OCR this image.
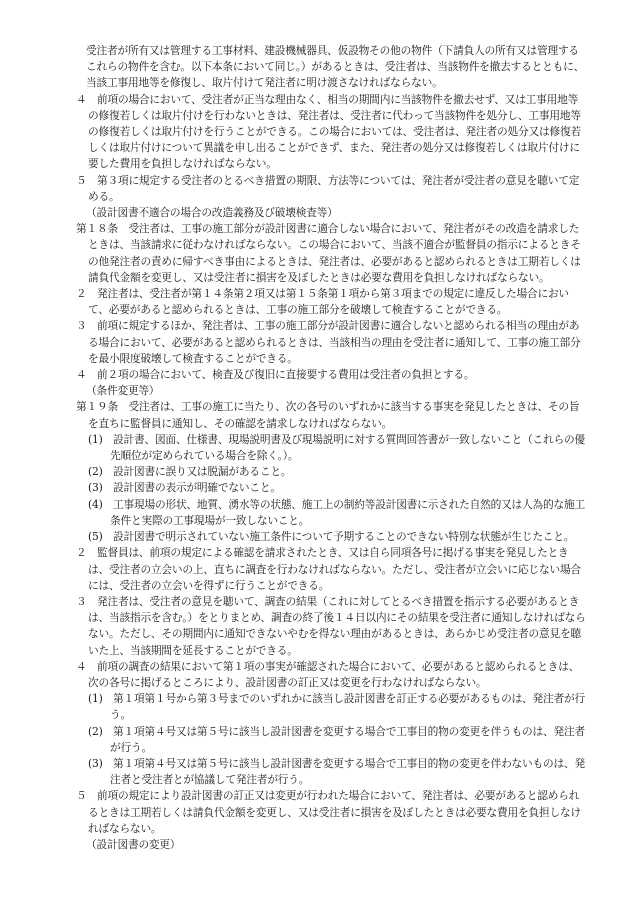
受注者が所有又は管理する工事材料、建設機械器具、仮設物その他の物件（下請負人の所有又は管理するこれらの物件を含む。以下本条において同じ。）があるときは、受注者は、当該物件を撤去するとともに、当該工事用地等を修復し、取片付けて発注者に明け渡さなければならない。

４　前項の場合において、受注者が正当な理由なく、相当の期間内に当該物件を撤去せず、又は工事用地等の修復若しくは取片付けを行わないときは、発注者は、受注者に代わって当該物件を処分し、工事用地等の修復若しくは取片付けを行うことができる。この場合においては、受注者は、発注者の処分又は修復若しくは取片付けについて異議を申し出ることができず、また、発注者の処分又は修復若しくは取片付けに要した費用を負担しなければならない。

５　第３項に規定する受注者のとるべき措置の期限、方法等については、発注者が受注者の意見を聴いて定める。

（設計図書不適合の場合の改造義務及び破壊検査等）

第１８条　受注者は、工事の施工部分が設計図書に適合しない場合において、発注者がその改造を請求したときは、当該請求に従わなければならない。この場合において、当該不適合が監督員の指示によるときその他発注者の責めに帰すべき事由によるときは、発注者は、必要があると認められるときは工期若しくは請負代金額を変更し、又は受注者に損害を及ぼしたときは必要な費用を負担しなければならない。

２　発注者は、受注者が第１４条第２項又は第１５条第１項から第３項までの規定に違反した場合において、必要があると認められるときは、工事の施工部分を破壊して検査することができる。

３　前項に規定するほか、発注者は、工事の施工部分が設計図書に適合しないと認められる相当の理由がある場合において、必要があると認められるときは、当該相当の理由を受注者に通知して、工事の施工部分を最小限度破壊して検査することができる。

４　前２項の場合において、検査及び復旧に直接要する費用は受注者の負担とする。

（条件変更等）

第１９条　受注者は、工事の施工に当たり、次の各号のいずれかに該当する事実を発見したときは、その旨を直ちに監督員に通知し、その確認を請求しなければならない。

(1)　設計書、図面、仕様書、現場説明書及び現場説明に対する質問回答書が一致しないこと（これらの優先順位が定められている場合を除く。）。

(2)　設計図書に誤り又は脱漏があること。

(3)　設計図書の表示が明確でないこと。

(4)　工事現場の形状、地質、湧水等の状態、施工上の制約等設計図書に示された自然的又は人為的な施工条件と実際の工事現場が一致しないこと。

(5)　設計図書で明示されていない施工条件について予期することのできない特別な状態が生じたこと。

２　監督員は、前項の規定による確認を請求されたとき、又は自ら同項各号に掲げる事実を発見したときは、受注者の立会いの上、直ちに調査を行わなければならない。ただし、受注者が立会いに応じない場合には、受注者の立会いを得ずに行うことができる。

３　発注者は、受注者の意見を聴いて、調査の結果（これに対してとるべき措置を指示する必要があるときは、当該指示を含む。）をとりまとめ、調査の終了後１４日以内にその結果を受注者に通知しなければならない。ただし、その期間内に通知できないやむを得ない理由があるときは、あらかじめ受注者の意見を聴いた上、当該期間を延長することができる。

４　前項の調査の結果において第１項の事実が確認された場合において、必要があると認められるときは、次の各号に掲げるところにより、設計図書の訂正又は変更を行わなければならない。

(1)　第１項第１号から第３号までのいずれかに該当し設計図書を訂正する必要があるものは、発注者が行う。

(2)　第１項第４号又は第５号に該当し設計図書を変更する場合で工事目的物の変更を伴うものは、発注者が行う。

(3)　第１項第４号又は第５号に該当し設計図書を変更する場合で工事目的物の変更を伴わないものは、発注者と受注者とが協議して発注者が行う。

５　前項の規定により設計図書の訂正又は変更が行われた場合において、発注者は、必要があると認められるときは工期若しくは請負代金額を変更し、又は受注者に損害を及ぼしたときは必要な費用を負担しなければならない。

（設計図書の変更）
